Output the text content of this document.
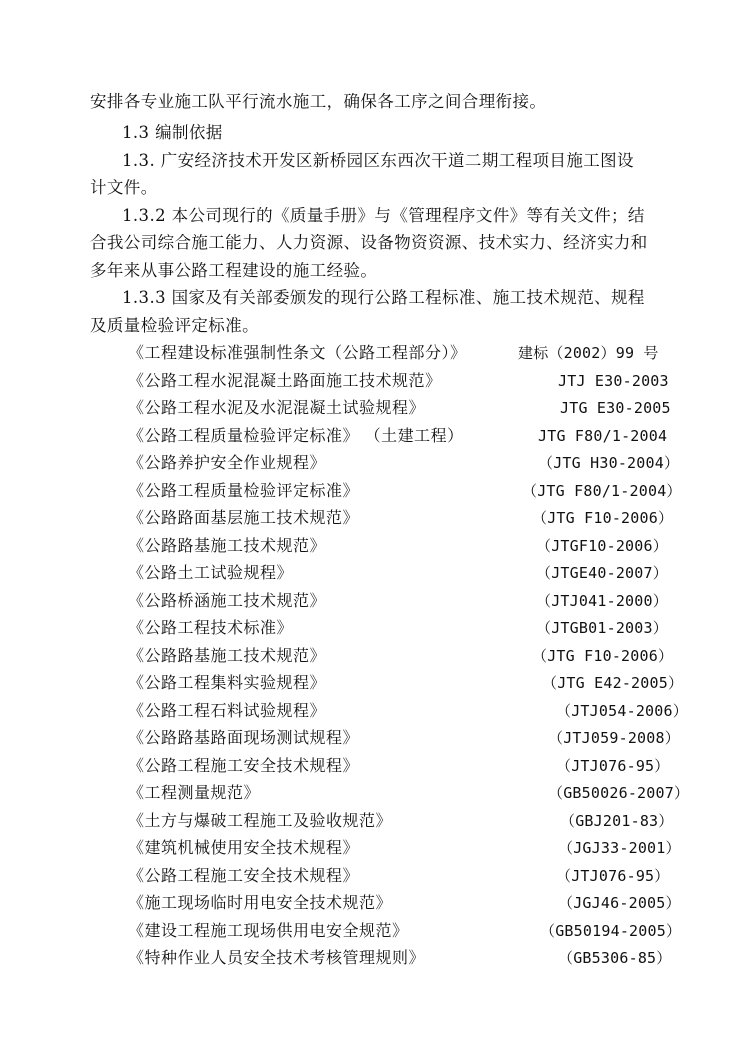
安排各专业施工队平行流水施工，确保各工序之间合理衔接。
1.3 编制依据
1.3. 广安经济技术开发区新桥园区东西次干道二期工程项目施工图设
计文件。
1.3.2 本公司现行的《质量手册》与《管理程序文件》等有关文件；结
合我公司综合施工能力、人力资源、设备物资资源、技术实力、经济实力和
多年来从事公路工程建设的施工经验。
1.3.3 国家及有关部委颁发的现行公路工程标准、施工技术规范、规程
及质量检验评定标准。
《工程建设标准强制性条文（公路工程部分）》	建标（2002）99 号
《公路工程水泥混凝土路面施工技术规范》	JTJ E30-2003
《公路工程水泥及水泥混凝土试验规程》	JTG E30-2005
《公路工程质量检验评定标准》 （土建工程）	JTG F80/1-2004
《公路养护安全作业规程》	（JTG H30-2004）
《公路工程质量检验评定标准》	（JTG F80/1-2004）
《公路路面基层施工技术规范》	（JTG F10-2006）
《公路路基施工技术规范》	（JTGF10-2006）
《公路土工试验规程》	（JTGE40-2007）
《公路桥涵施工技术规范》	（JTJ041-2000）
《公路工程技术标准》	（JTGB01-2003）
《公路路基施工技术规范》	（JTG F10-2006）
《公路工程集料实验规程》	（JTG E42-2005）
《公路工程石料试验规程》	（JTJ054-2006）
《公路路基路面现场测试规程》	（JTJ059-2008）
《公路工程施工安全技术规程》	（JTJ076-95）
《工程测量规范》	（GB50026-2007）
《土方与爆破工程施工及验收规范》	（GBJ201-83）
《建筑机械使用安全技术规程》	（JGJ33-2001）
《公路工程施工安全技术规程》	（JTJ076-95）
《施工现场临时用电安全技术规范》	（JGJ46-2005）
《建设工程施工现场供用电安全规范》	（GB50194-2005）
《特种作业人员安全技术考核管理规则》	（GB5306-85）
